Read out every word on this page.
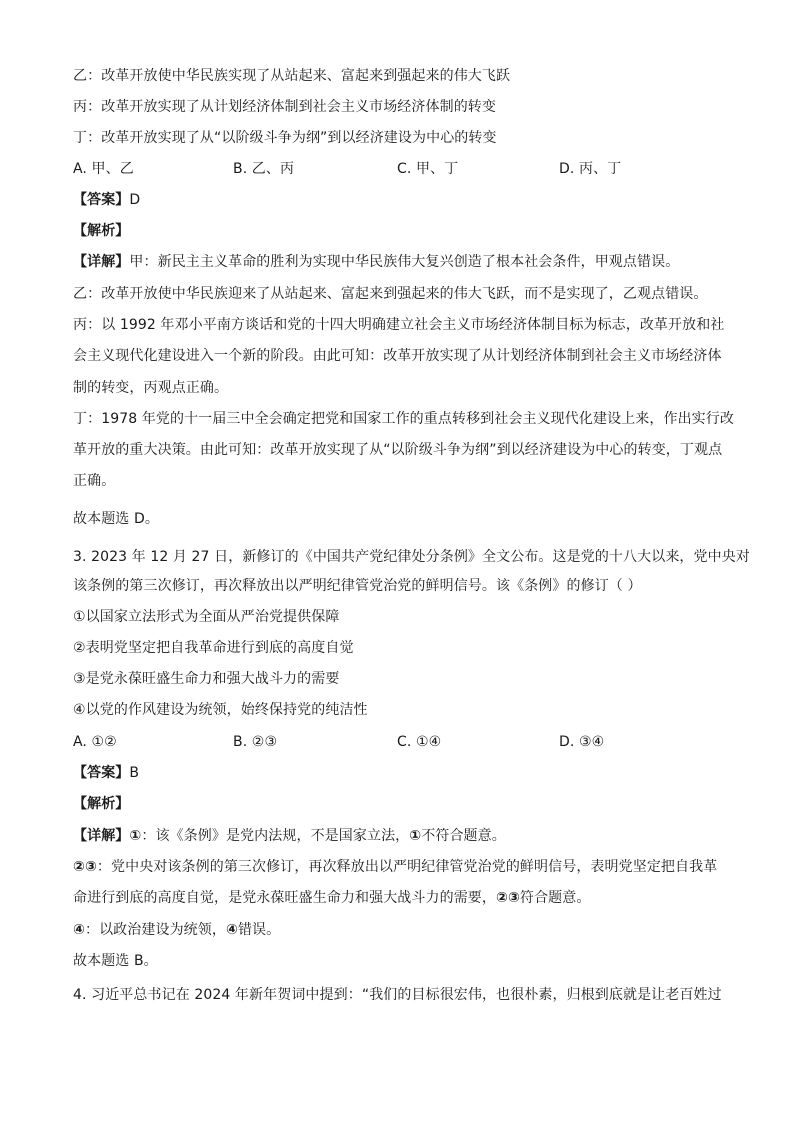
乙：改革开放使中华民族实现了从站起来、富起来到强起来的伟大飞跃
丙：改革开放实现了从计划经济体制到社会主义市场经济体制的转变
丁：改革开放实现了从“以阶级斗争为纲”到以经济建设为中心的转变
A. 甲、乙	B. 乙、丙	C. 甲、丁	D. 丙、丁
【答案】D
【解析】
【详解】甲：新民主主义革命的胜利为实现中华民族伟大复兴创造了根本社会条件，甲观点错误。
乙：改革开放使中华民族迎来了从站起来、富起来到强起来的伟大飞跃，而不是实现了，乙观点错误。
丙：以 1992 年邓小平南方谈话和党的十四大明确建立社会主义市场经济体制目标为标志，改革开放和社
会主义现代化建设进入一个新的阶段。由此可知：改革开放实现了从计划经济体制到社会主义市场经济体
制的转变，丙观点正确。
丁：1978 年党的十一届三中全会确定把党和国家工作的重点转移到社会主义现代化建设上来，作出实行改
革开放的重大决策。由此可知：改革开放实现了从“以阶级斗争为纲”到以经济建设为中心的转变，丁观点
正确。
故本题选 D。
3. 2023 年 12 月 27 日，新修订的《中国共产党纪律处分条例》全文公布。这是党的十八大以来，党中央对
该条例的第三次修订，再次释放出以严明纪律管党治党的鲜明信号。该《条例》的修订（ ）
①以国家立法形式为全面从严治党提供保障
②表明党坚定把自我革命进行到底的高度自觉
③是党永葆旺盛生命力和强大战斗力的需要
④以党的作风建设为统领，始终保持党的纯洁性
A. ①②	B. ②③	C. ①④	D. ③④
【答案】B
【解析】
【详解】①：该《条例》是党内法规，不是国家立法，①不符合题意。
②③：党中央对该条例的第三次修订，再次释放出以严明纪律管党治党的鲜明信号，表明党坚定把自我革
命进行到底的高度自觉，是党永葆旺盛生命力和强大战斗力的需要，②③符合题意。
④：以政治建设为统领，④错误。
故本题选 B。
4. 习近平总书记在 2024 年新年贺词中提到：“我们的目标很宏伟，也很朴素，归根到底就是让老百姓过
